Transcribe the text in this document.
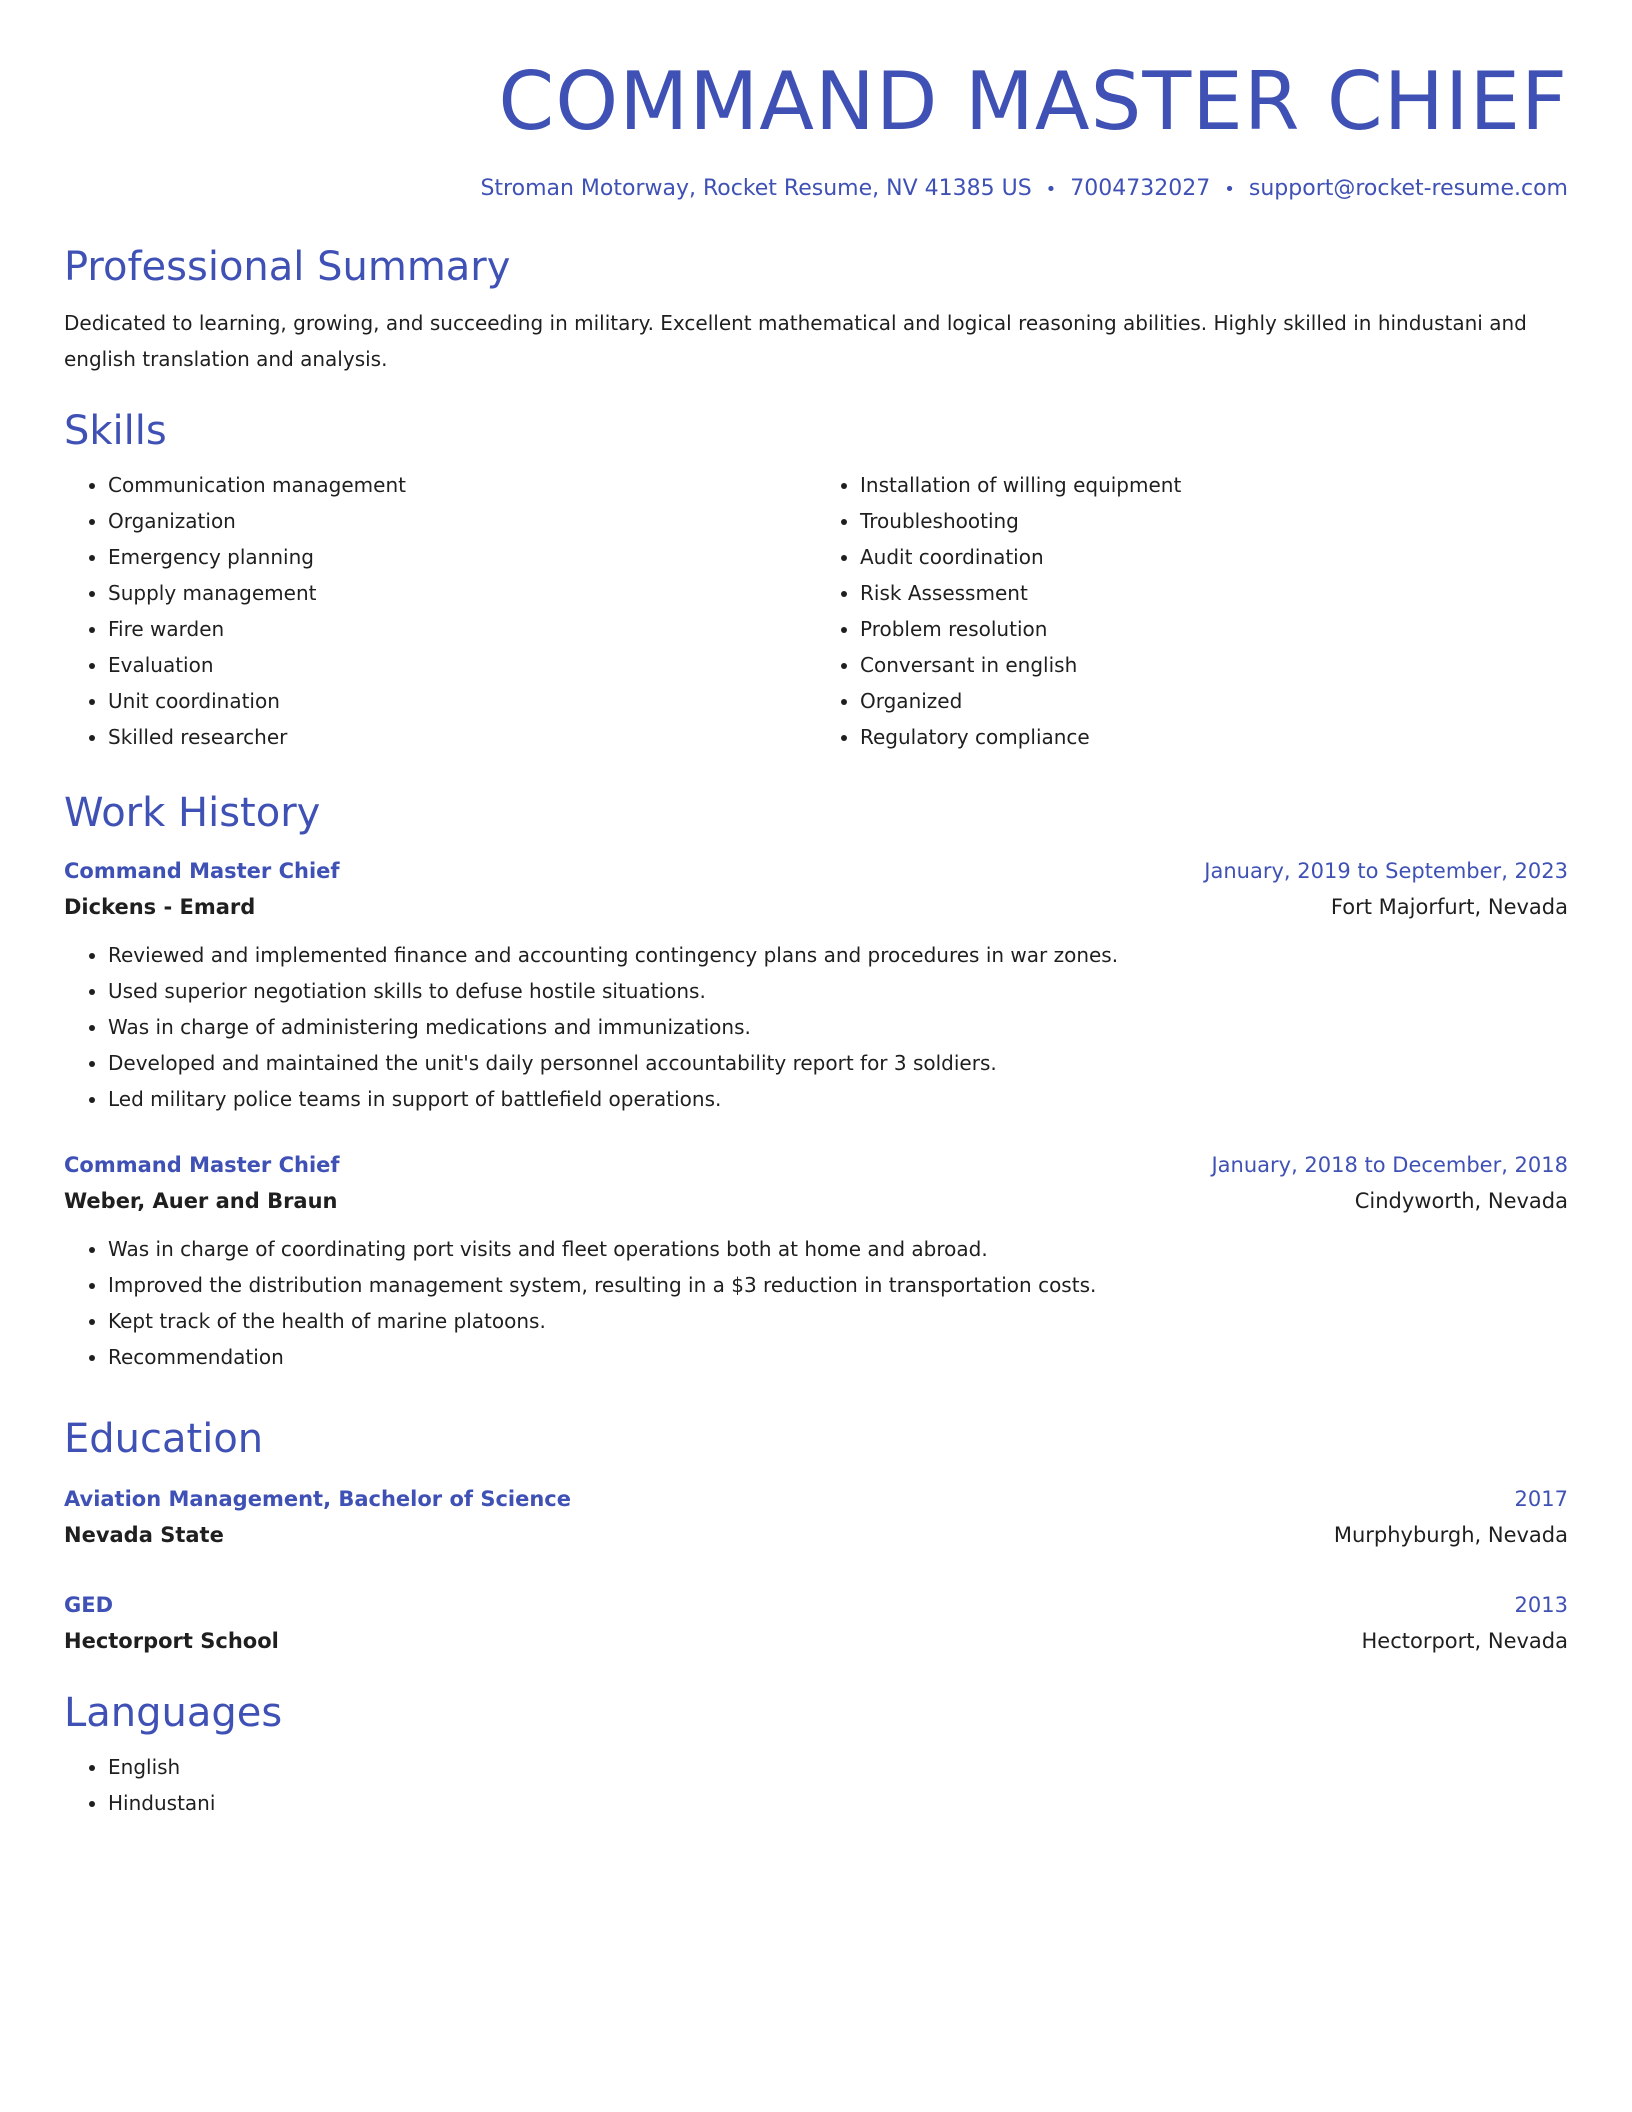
COMMAND MASTER CHIEF
Stroman Motorway, Rocket Resume, NV 41385 US • 7004732027 • support@rocket-resume.com
Professional Summary
Dedicated to learning, growing, and succeeding in military. Excellent mathematical and logical reasoning abilities. Highly skilled in hindustani and english translation and analysis.
Skills
• Communication management
• Organization
• Emergency planning
• Supply management
• Fire warden
• Evaluation
• Unit coordination
• Skilled researcher
• Installation of willing equipment
• Troubleshooting
• Audit coordination
• Risk Assessment
• Problem resolution
• Conversant in english
• Organized
• Regulatory compliance
Work History
Command Master Chief	January, 2019 to September, 2023
Dickens - Emard	Fort Majorfurt, Nevada
• Reviewed and implemented finance and accounting contingency plans and procedures in war zones.
• Used superior negotiation skills to defuse hostile situations.
• Was in charge of administering medications and immunizations.
• Developed and maintained the unit's daily personnel accountability report for 3 soldiers.
• Led military police teams in support of battlefield operations.
Command Master Chief	January, 2018 to December, 2018
Weber, Auer and Braun	Cindyworth, Nevada
• Was in charge of coordinating port visits and fleet operations both at home and abroad.
• Improved the distribution management system, resulting in a $3 reduction in transportation costs.
• Kept track of the health of marine platoons.
• Recommendation
Education
Aviation Management, Bachelor of Science	2017
Nevada State	Murphyburgh, Nevada
GED	2013
Hectorport School	Hectorport, Nevada
Languages
• English
• Hindustani
